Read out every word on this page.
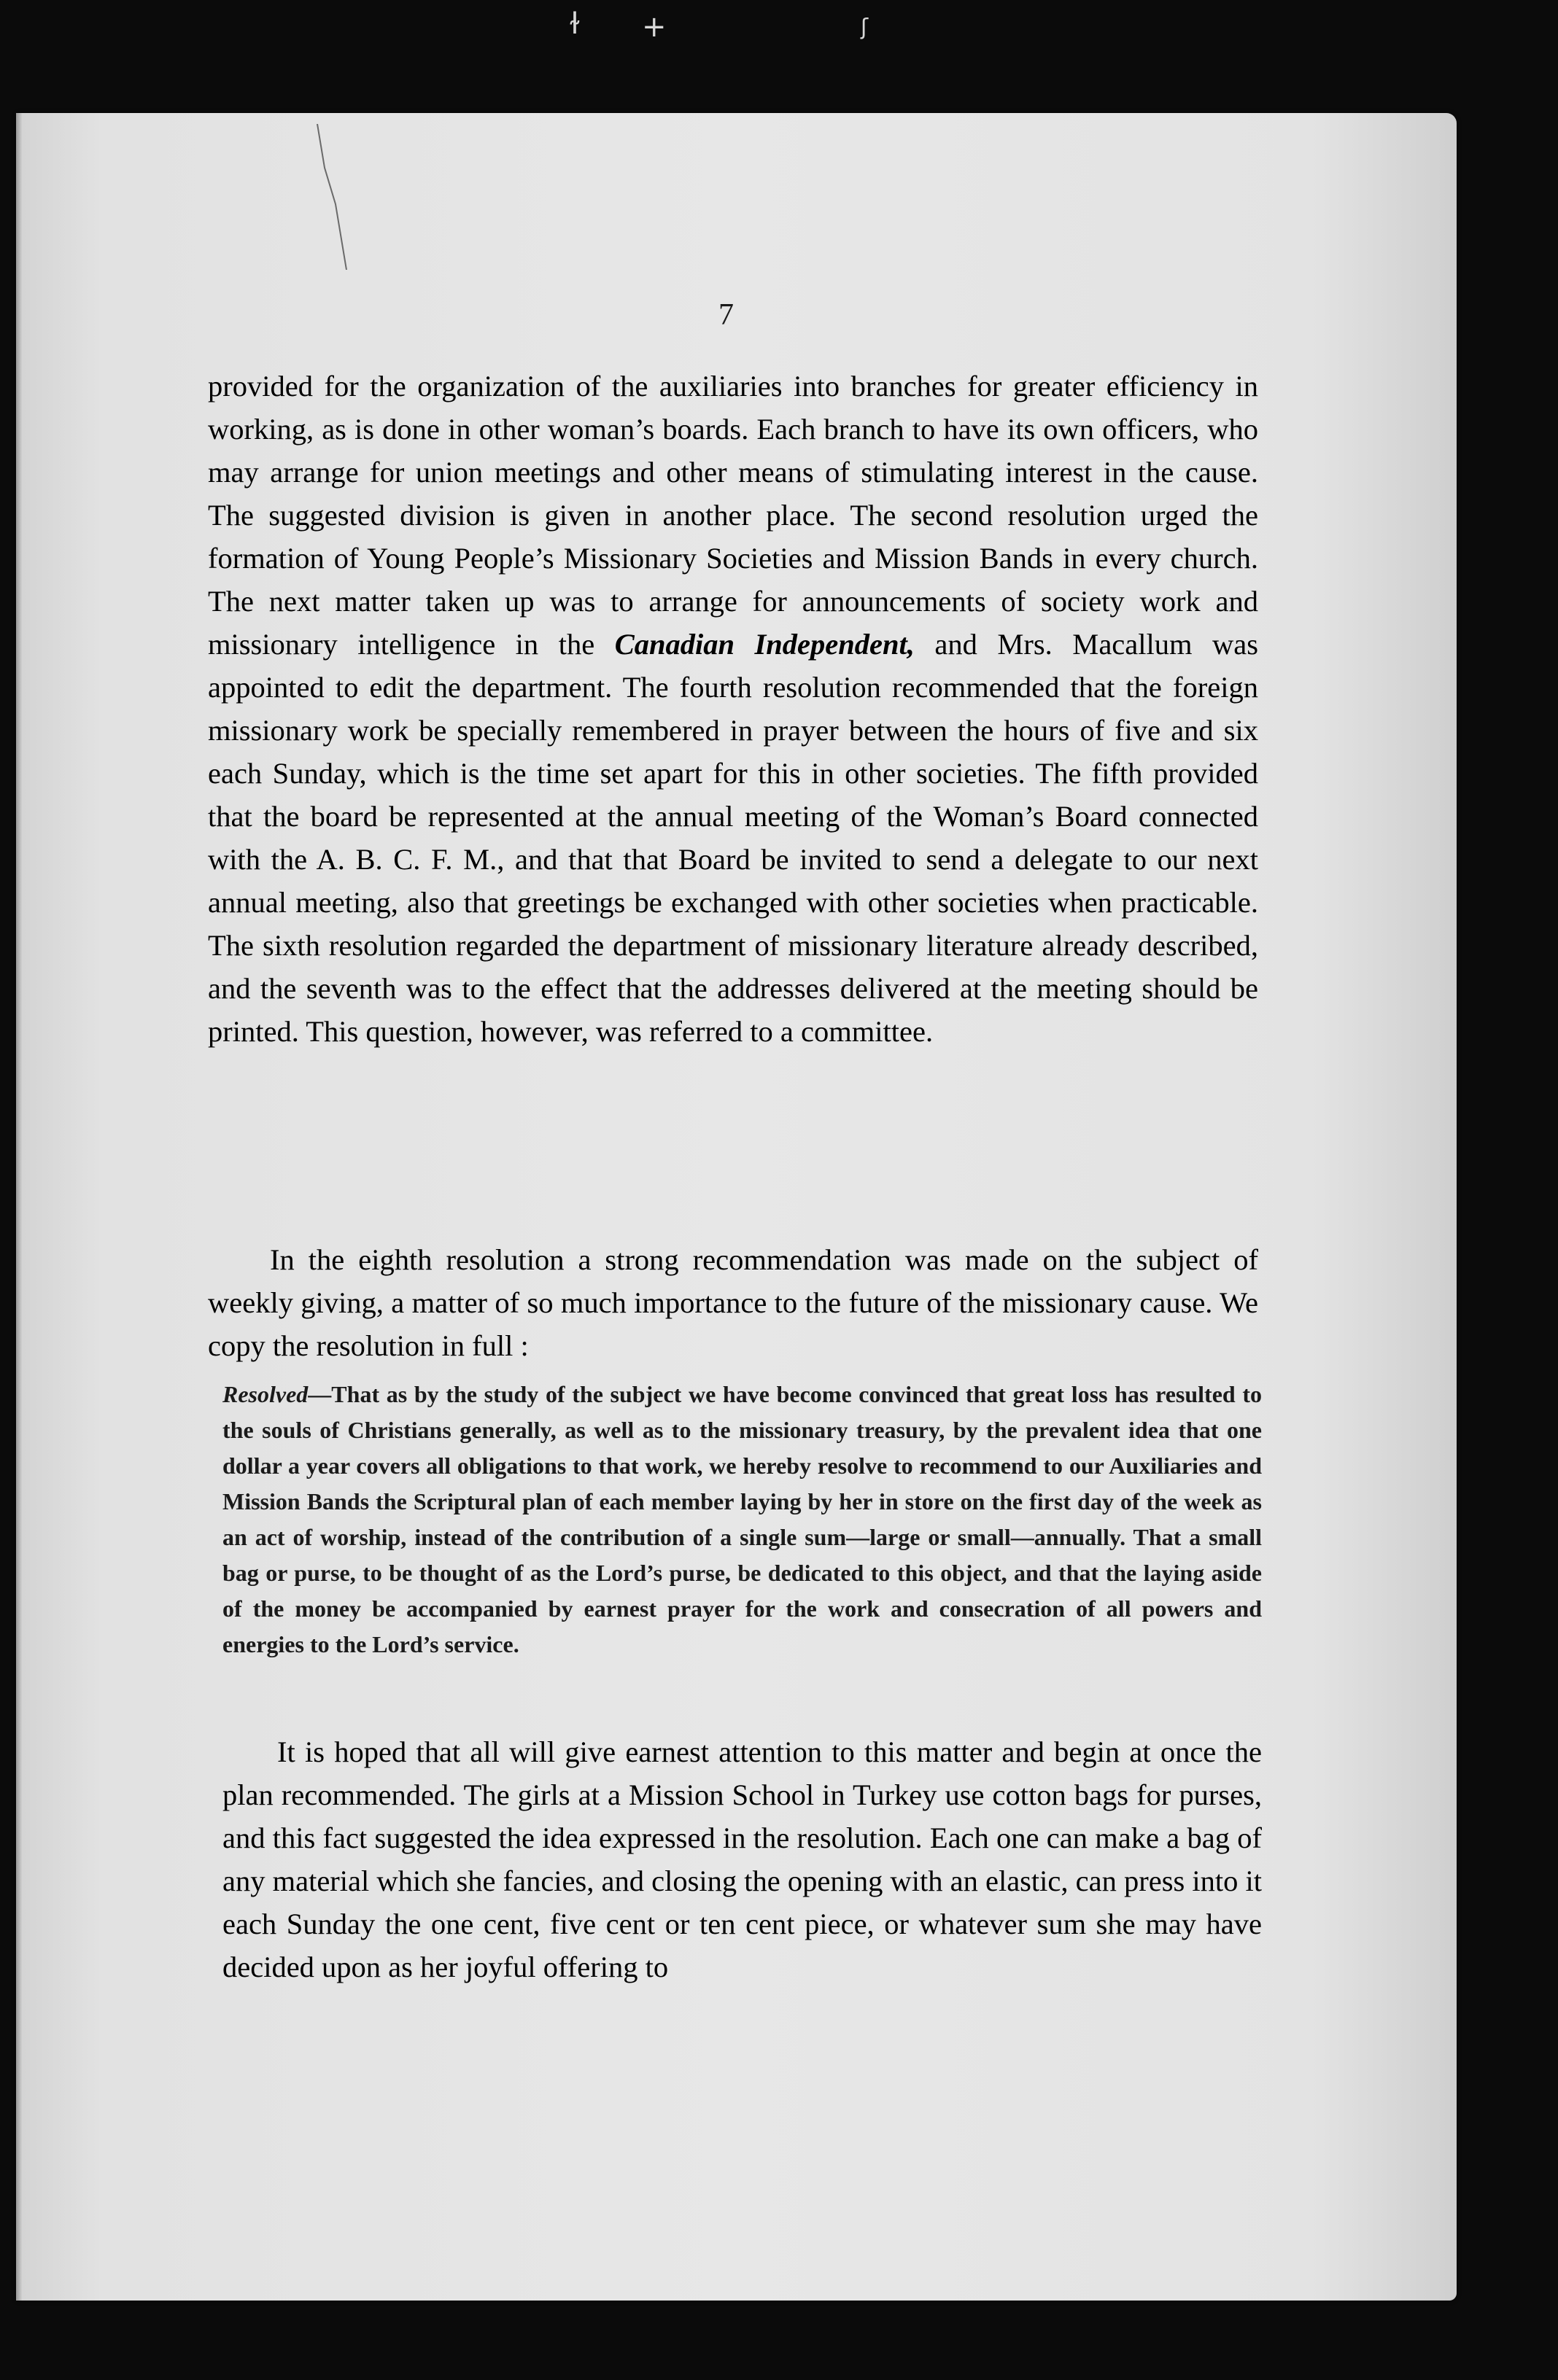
ɫ +	ʃ
7

provided for the organization of the auxiliaries into branches for greater efficiency in working, as is done in other woman’s boards. Each branch to have its own officers, who may arrange for union meetings and other means of stimulating interest in the cause. The suggested division is given in another place. The second resolution urged the formation of Young People’s Missionary Societies and Mission Bands in every church. The next matter taken up was to arrange for announcements of society work and missionary intelligence in the Canadian Independent, and Mrs. Macallum was appointed to edit the department. The fourth resolution recommended that the foreign missionary work be specially remembered in prayer between the hours of five and six each Sunday, which is the time set apart for this in other societies. The fifth provided that the board be represented at the annual meeting of the Woman’s Board connected with the A. B. C. F. M., and that that Board be invited to send a delegate to our next annual meeting, also that greetings be exchanged with other societies when practicable. The sixth resolution regarded the department of missionary literature already described, and the seventh was to the effect that the addresses delivered at the meeting should be printed. This question, however, was referred to a committee.

In the eighth resolution a strong recommendation was made on the subject of weekly giving, a matter of so much importance to the future of the missionary cause. We copy the resolution in full :

Resolved—That as by the study of the subject we have become convinced that great loss has resulted to the souls of Christians generally, as well as to the missionary treasury, by the prevalent idea that one dollar a year covers all obligations to that work, we hereby resolve to recommend to our Auxiliaries and Mission Bands the Scriptural plan of each member laying by her in store on the first day of the week as an act of worship, instead of the contribution of a single sum—large or small—annually. That a small bag or purse, to be thought of as the Lord’s purse, be dedicated to this object, and that the laying aside of the money be accompanied by earnest prayer for the work and consecration of all powers and energies to the Lord’s service.

It is hoped that all will give earnest attention to this matter and begin at once the plan recommended. The girls at a Mission School in Turkey use cotton bags for purses, and this fact suggested the idea expressed in the resolution. Each one can make a bag of any material which she fancies, and closing the opening with an elastic, can press into it each Sunday the one cent, five cent or ten cent piece, or whatever sum she may have decided upon as her joyful offering to
